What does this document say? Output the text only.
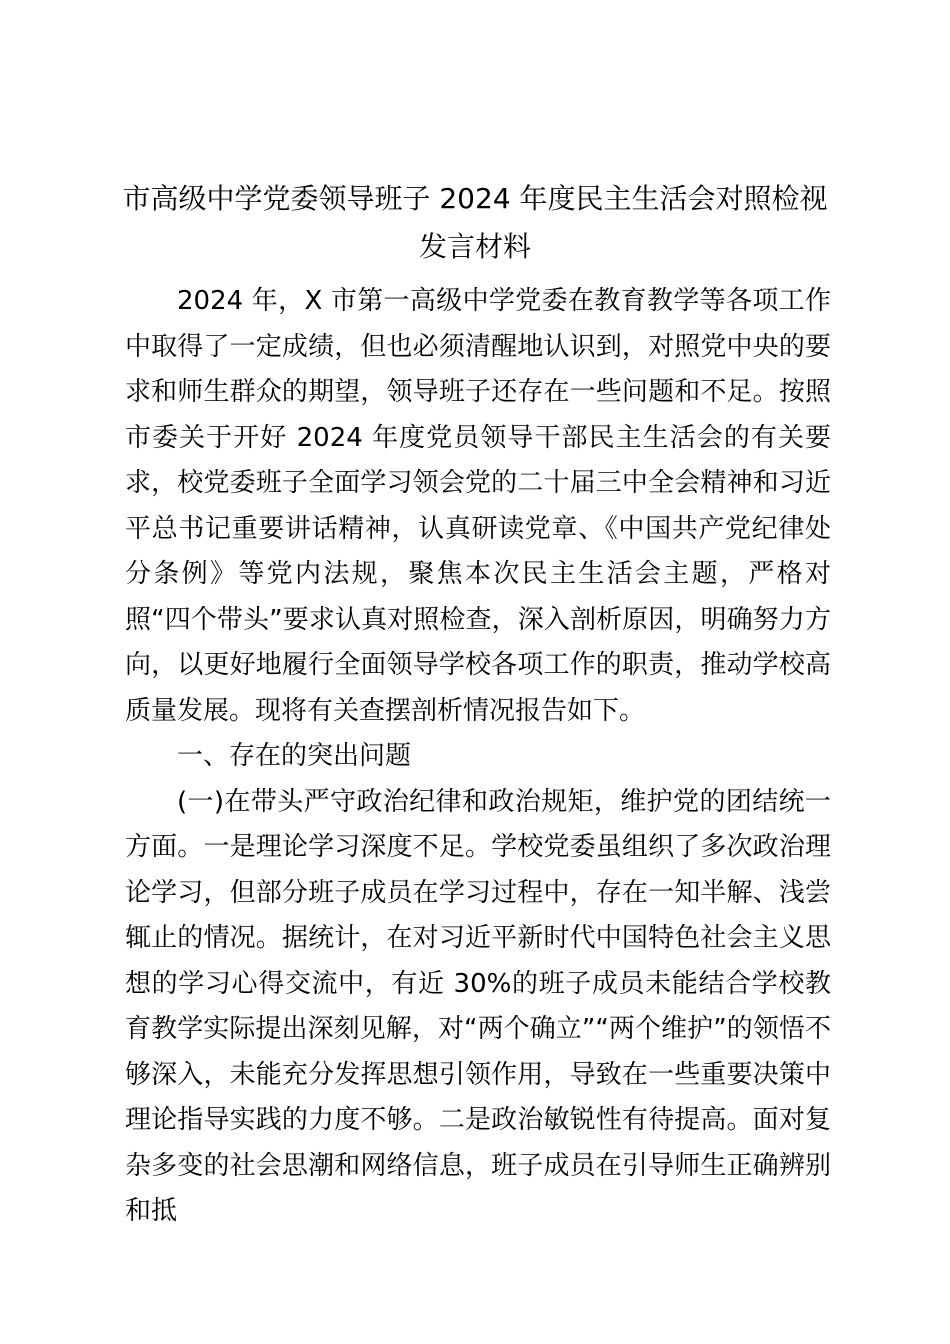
市高级中学党委领导班子 2024 年度民主生活会对照检视发言材料

2024 年，X 市第一高级中学党委在教育教学等各项工作中取得了一定成绩，但也必须清醒地认识到，对照党中央的要求和师生群众的期望，领导班子还存在一些问题和不足。按照市委关于开好 2024 年度党员领导干部民主生活会的有关要求，校党委班子全面学习领会党的二十届三中全会精神和习近平总书记重要讲话精神，认真研读党章、《中国共产党纪律处分条例》等党内法规，聚焦本次民主生活会主题，严格对照“四个带头”要求认真对照检查，深入剖析原因，明确努力方向，以更好地履行全面领导学校各项工作的职责，推动学校高质量发展。现将有关查摆剖析情况报告如下。

一、存在的突出问题

(一)在带头严守政治纪律和政治规矩，维护党的团结统一方面。一是理论学习深度不足。学校党委虽组织了多次政治理论学习，但部分班子成员在学习过程中，存在一知半解、浅尝辄止的情况。据统计，在对习近平新时代中国特色社会主义思想的学习心得交流中，有近 30%的班子成员未能结合学校教育教学实际提出深刻见解，对“两个确立”“两个维护”的领悟不够深入，未能充分发挥思想引领作用，导致在一些重要决策中理论指导实践的力度不够。二是政治敏锐性有待提高。面对复杂多变的社会思潮和网络信息，班子成员在引导师生正确辨别和抵
